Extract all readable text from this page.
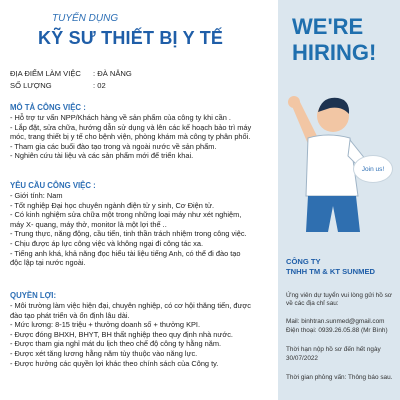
TUYỂN DỤNG
KỸ SƯ THIẾT BỊ Y TẾ
ĐỊA ĐIỂM LÀM VIỆC : ĐÀ NẴNG
SỐ LƯỢNG	: 02
MÔ TẢ CÔNG VIỆC :
- Hỗ trợ tư vấn NPP/Khách hàng về sản phẩm của công ty khi cần .
- Lắp đặt, sửa chữa, hướng dẫn sử dụng và lên các kế hoạch bảo trì máy
móc, trang thiết bị y tế cho bệnh viện, phòng khám mà công ty phân phối.
- Tham gia các buổi đào tạo trong và ngoài nước về sản phẩm.
- Nghiên cứu tài liệu và các sản phẩm mới để triển khai.
YÊU CẦU CÔNG VIỆC :
- Giới tính: Nam
- Tốt nghiệp Đại học chuyên ngành điện tử y sinh, Cơ Điện tử.
- Có kinh nghiệm sửa chữa một trong những loại máy như xét nghiệm,
máy X- quang, máy thở, monitor là một lợi thế ..
- Trung thực, năng động, cầu tiến, tinh thần trách nhiệm trong công việc.
- Chịu được áp lực công việc và không ngại đi công tác xa.
- Tiếng anh khá, khả năng đọc hiểu tài liệu tiếng Anh, có thể đi đào tạo
độc lập tại nước ngoài.
QUYỀN LỢI:
- Môi trường làm việc hiện đại, chuyên nghiệp, có cơ hội thăng tiến, được
đào tạo phát triển và ổn định lâu dài.
- Mức lương: 8-15 triệu + thưởng doanh số + thưởng KPI.
- Được đóng BHXH, BHYT, BH thất nghiệp theo quy định nhà nước.
- Được tham gia nghỉ mát du lịch theo chế độ công ty hằng năm.
- Được xét tăng lương hằng năm tùy thuộc vào năng lực.
- Được hưởng các quyền lợi khác theo chính sách của Công ty.
WE'RE
HIRING!
Join us!
CÔNG TY
TNHH TM & KT SUNMED
Ứng viên dự tuyển vui lòng gửi hồ sơ về các địa chỉ sau:
Mail: binhtran.sunmed@gmail.com
Điện thoại: 0939.26.05.88 (Mr Bình)
Thời hạn nộp hồ sơ đến hết ngày
30/07/2022
Thời gian phỏng vấn: Thông báo sau.
